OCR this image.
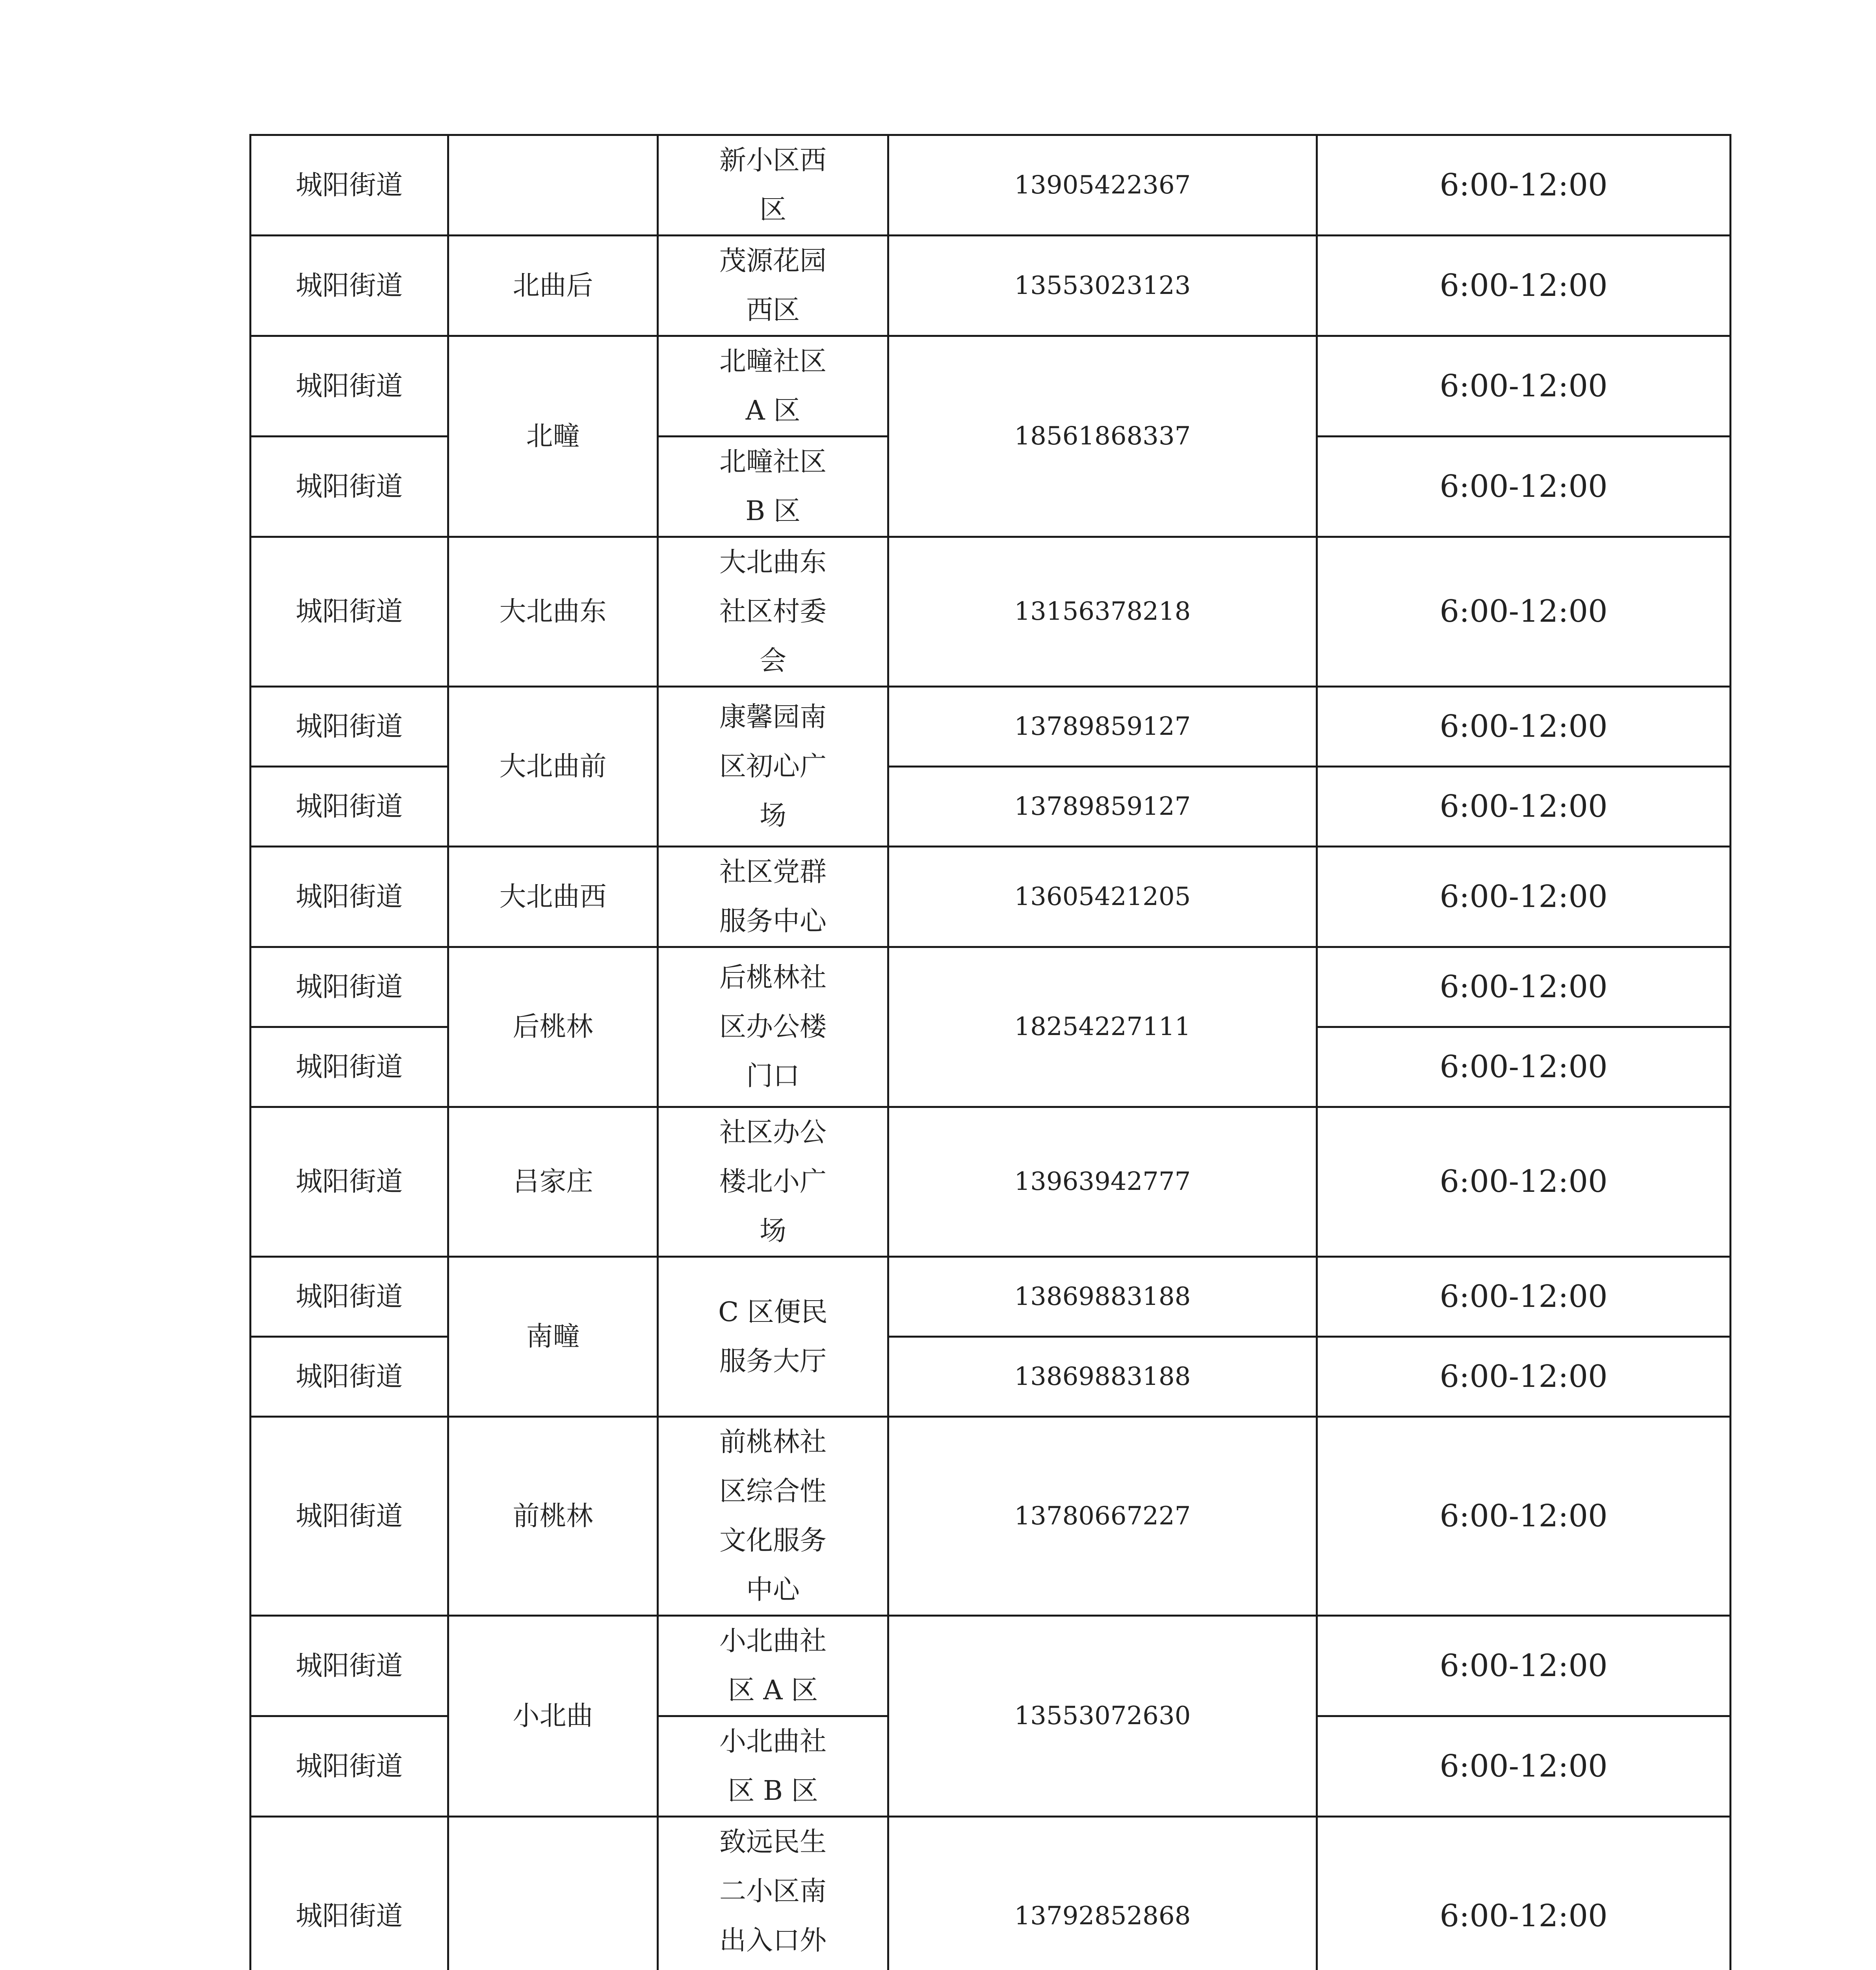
城阳街道		新小区西区	13905422367	6:00-12:00
城阳街道	北曲后	茂源花园西区	13553023123	6:00-12:00
城阳街道	北疃	北疃社区 A 区	18561868337	6:00-12:00
城阳街道		北疃社区 B 区		6:00-12:00
城阳街道	大北曲东	大北曲东社区村委会	13156378218	6:00-12:00
城阳街道	大北曲前	康馨园南区初心广场	13789859127	6:00-12:00
城阳街道			13789859127	6:00-12:00
城阳街道	大北曲西	社区党群服务中心	13605421205	6:00-12:00
城阳街道	后桃林	后桃林社区办公楼门口	18254227111	6:00-12:00
城阳街道				6:00-12:00
城阳街道	吕家庄	社区办公楼北小广场	13963942777	6:00-12:00
城阳街道	南疃	C 区便民服务大厅	13869883188	6:00-12:00
城阳街道			13869883188	6:00-12:00
城阳街道	前桃林	前桃林社区综合性文化服务中心	13780667227	6:00-12:00
城阳街道	小北曲	小北曲社区 A 区	13553072630	6:00-12:00
城阳街道		小北曲社区 B 区		6:00-12:00
城阳街道		致远民生二小区南出入口外	13792852868	6:00-12:00
